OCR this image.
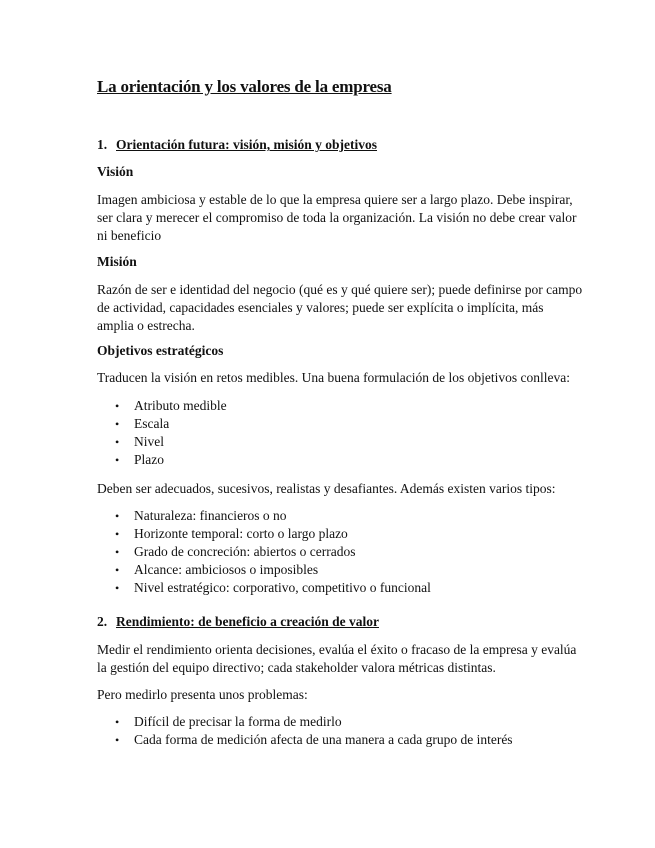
La orientación y los valores de la empresa
1. Orientación futura: visión, misión y objetivos
Visión
Imagen ambiciosa y estable de lo que la empresa quiere ser a largo plazo. Debe inspirar,
ser clara y merecer el compromiso de toda la organización. La visión no debe crear valor
ni beneficio
Misión
Razón de ser e identidad del negocio (qué es y qué quiere ser); puede definirse por campo
de actividad, capacidades esenciales y valores; puede ser explícita o implícita, más
amplia o estrecha.
Objetivos estratégicos
Traducen la visión en retos medibles. Una buena formulación de los objetivos conlleva:
• Atributo medible
• Escala
• Nivel
• Plazo
Deben ser adecuados, sucesivos, realistas y desafiantes. Además existen varios tipos:
• Naturaleza: financieros o no
• Horizonte temporal: corto o largo plazo
• Grado de concreción: abiertos o cerrados
• Alcance: ambiciosos o imposibles
• Nivel estratégico: corporativo, competitivo o funcional
2. Rendimiento: de beneficio a creación de valor
Medir el rendimiento orienta decisiones, evalúa el éxito o fracaso de la empresa y evalúa
la gestión del equipo directivo; cada stakeholder valora métricas distintas.
Pero medirlo presenta unos problemas:
• Difícil de precisar la forma de medirlo
• Cada forma de medición afecta de una manera a cada grupo de interés
